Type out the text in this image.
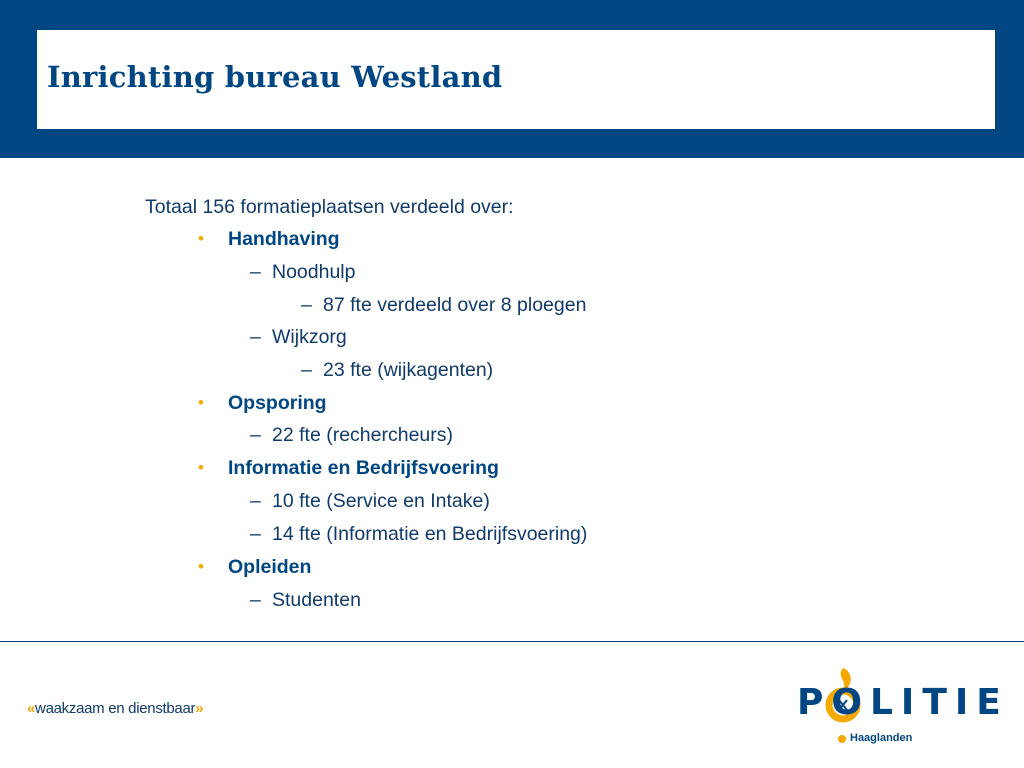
Inrichting bureau Westland
Totaal 156 formatieplaatsen verdeeld over:
• Handhaving
– Noodhulp
– 87 fte verdeeld over 8 ploegen
– Wijkzorg
– 23 fte (wijkagenten)
• Opsporing
– 22 fte (rechercheurs)
• Informatie en Bedrijfsvoering
– 10 fte (Service en Intake)
– 14 fte (Informatie en Bedrijfsvoering)
• Opleiden
– Studenten
«waakzaam en dienstbaar»	POLITIE
Haaglanden
